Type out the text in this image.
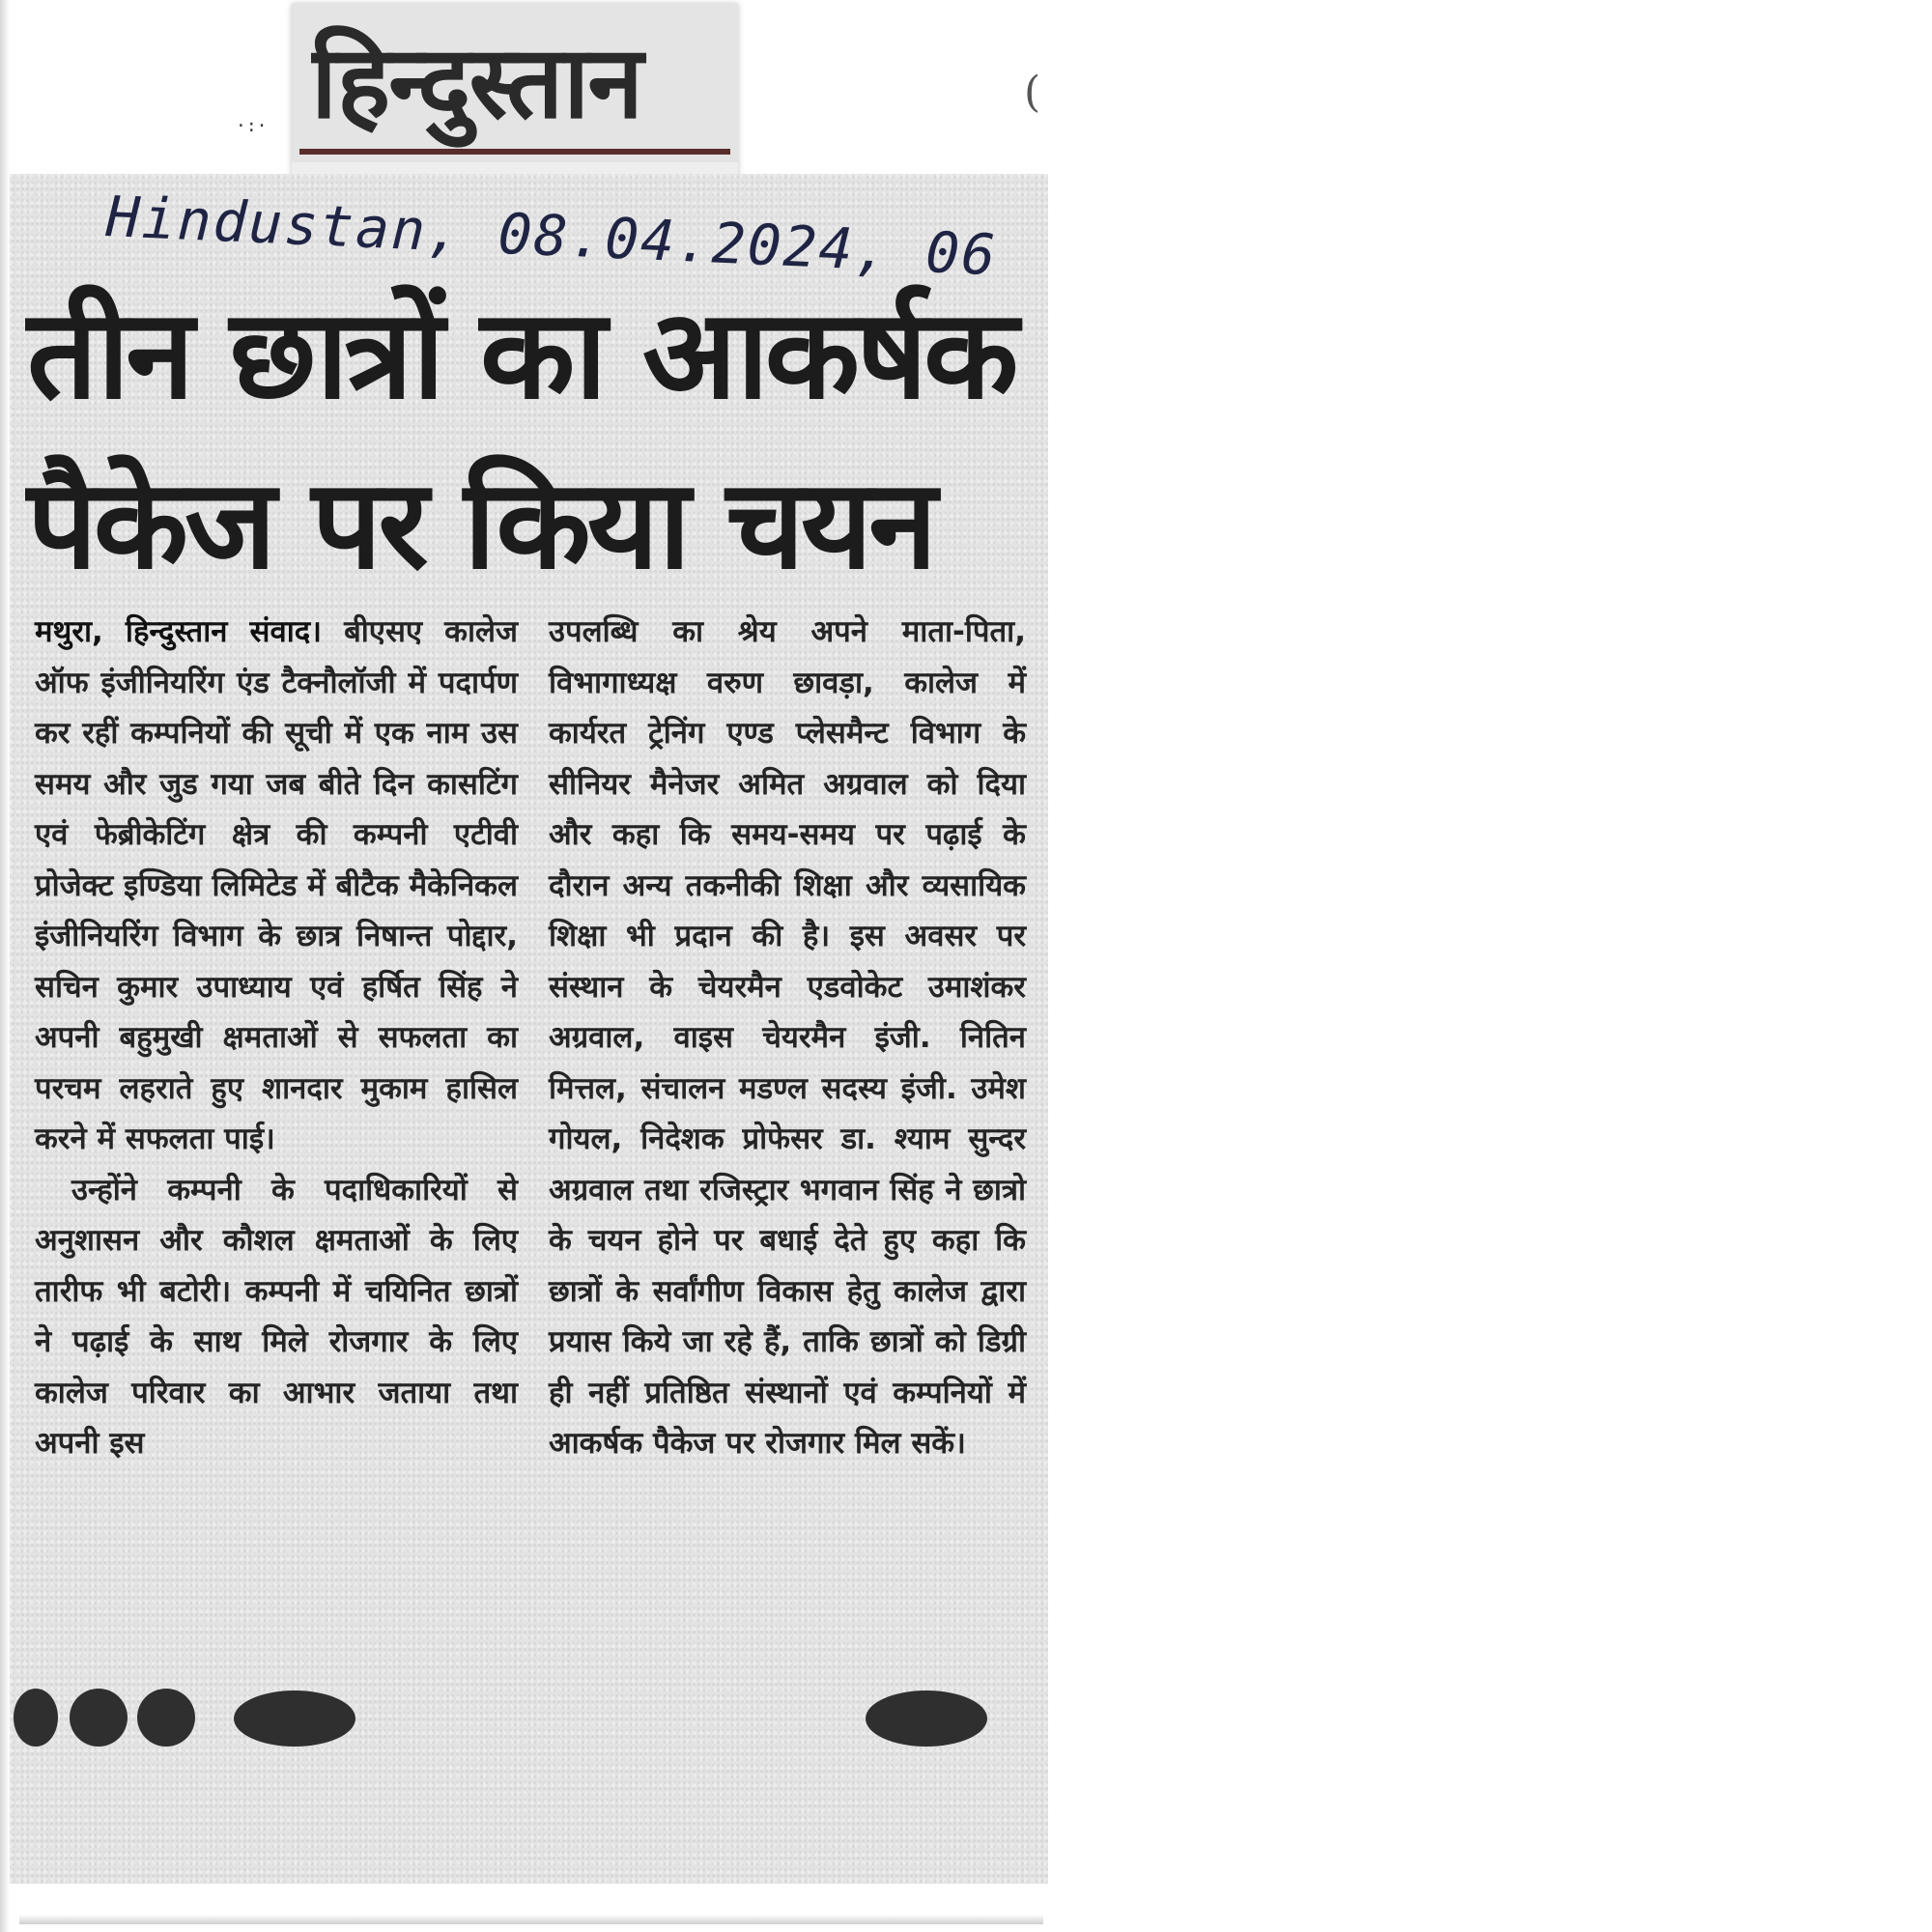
हिन्दुस्तान
·:·
(
Hindustan, 08.04.2024, 06
तीन छात्रों का आकर्षक
पैकेज पर किया चयन

मथुरा, हिन्दुस्तान संवाद। बीएसए कालेज ऑफ इंजीनियरिंग एंड टैक्नौलॉजी में पदार्पण कर रहीं कम्पनियों की सूची में एक नाम उस समय और जुड गया जब बीते दिन कासटिंग एवं फेब्रीकेटिंग क्षेत्र की कम्पनी एटीवी प्रोजेक्ट इण्डिया लिमिटेड में बीटैक मैकेनिकल इंजीनियरिंग विभाग के छात्र निषान्त पोद्दार, सचिन कुमार उपाध्याय एवं हर्षित सिंह ने अपनी बहुमुखी क्षमताओं से सफलता का परचम लहराते हुए शानदार मुकाम हासिल करने में सफलता पाई।

उन्होंने कम्पनी के पदाधिकारियों से अनुशासन और कौशल क्षमताओं के लिए तारीफ भी बटोरी। कम्पनी में चयिनित छात्रों ने पढ़ाई के साथ मिले रोजगार के लिए कालेज परिवार का आभार जताया तथा अपनी इस

उपलब्धि का श्रेय अपने माता-पिता, विभागाध्यक्ष वरुण छावड़ा, कालेज में कार्यरत ट्रेनिंग एण्ड प्लेसमैन्ट विभाग के सीनियर मैनेजर अमित अग्रवाल को दिया और कहा कि समय-समय पर पढ़ाई के दौरान अन्य तकनीकी शिक्षा और व्यसायिक शिक्षा भी प्रदान की है। इस अवसर पर संस्थान के चेयरमैन एडवोकेट उमाशंकर अग्रवाल, वाइस चेयरमैन इंजी. नितिन मित्तल, संचालन मडण्ल सदस्य इंजी. उमेश गोयल, निदेशक प्रोफेसर डा. श्याम सुन्दर अग्रवाल तथा रजिस्ट्रार भगवान सिंह ने छात्रो के चयन होने पर बधाई देते हुए कहा कि छात्रों के सर्वांगीण विकास हेतु कालेज द्वारा प्रयास किये जा रहे हैं, ताकि छात्रों को डिग्री ही नहीं प्रतिष्ठित संस्थानों एवं कम्पनियों में आकर्षक पैकेज पर रोजगार मिल सकें।
